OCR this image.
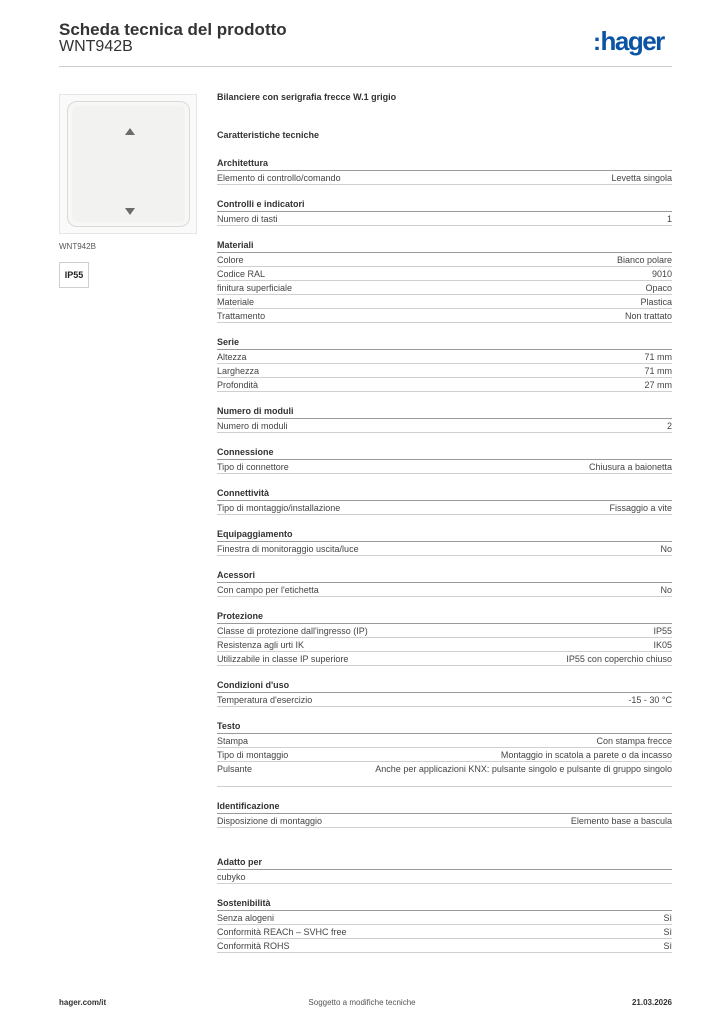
Scheda tecnica del prodotto
WNT942B	:hager
WNT942B
IP55
Bilanciere con serigrafia frecce W.1 grigio
Caratteristiche tecniche
Architettura
Elemento di controllo/comando	Levetta singola
Controlli e indicatori
Numero di tasti	1
Materiali
Colore	Bianco polare
Codice RAL	9010
finitura superficiale	Opaco
Materiale	Plastica
Trattamento	Non trattato
Serie
Altezza	71 mm
Larghezza	71 mm
Profondità	27 mm
Numero di moduli
Numero di moduli	2
Connessione
Tipo di connettore	Chiusura a baionetta
Connettività
Tipo di montaggio/installazione	Fissaggio a vite
Equipaggiamento
Finestra di monitoraggio uscita/luce	No
Acessori
Con campo per l'etichetta	No
Protezione
Classe di protezione dall'ingresso (IP)	IP55
Resistenza agli urti IK	IK05
Utilizzabile in classe IP superiore	IP55 con coperchio chiuso
Condizioni d'uso
Temperatura d'esercizio	-15 - 30 °C
Testo
Stampa	Con stampa frecce
Tipo di montaggio	Montaggio in scatola a parete o da incasso
Pulsante	Anche per applicazioni KNX: pulsante singolo e pulsante di gruppo singolo
Identificazione
Disposizione di montaggio	Elemento base a bascula
Adatto per
cubyko
Sostenibilità
Senza alogeni	Sì
Conformità REACh – SVHC free	Sì
Conformità ROHS	Sì
hager.com/it	Soggetto a modifiche tecniche	21.03.2026
